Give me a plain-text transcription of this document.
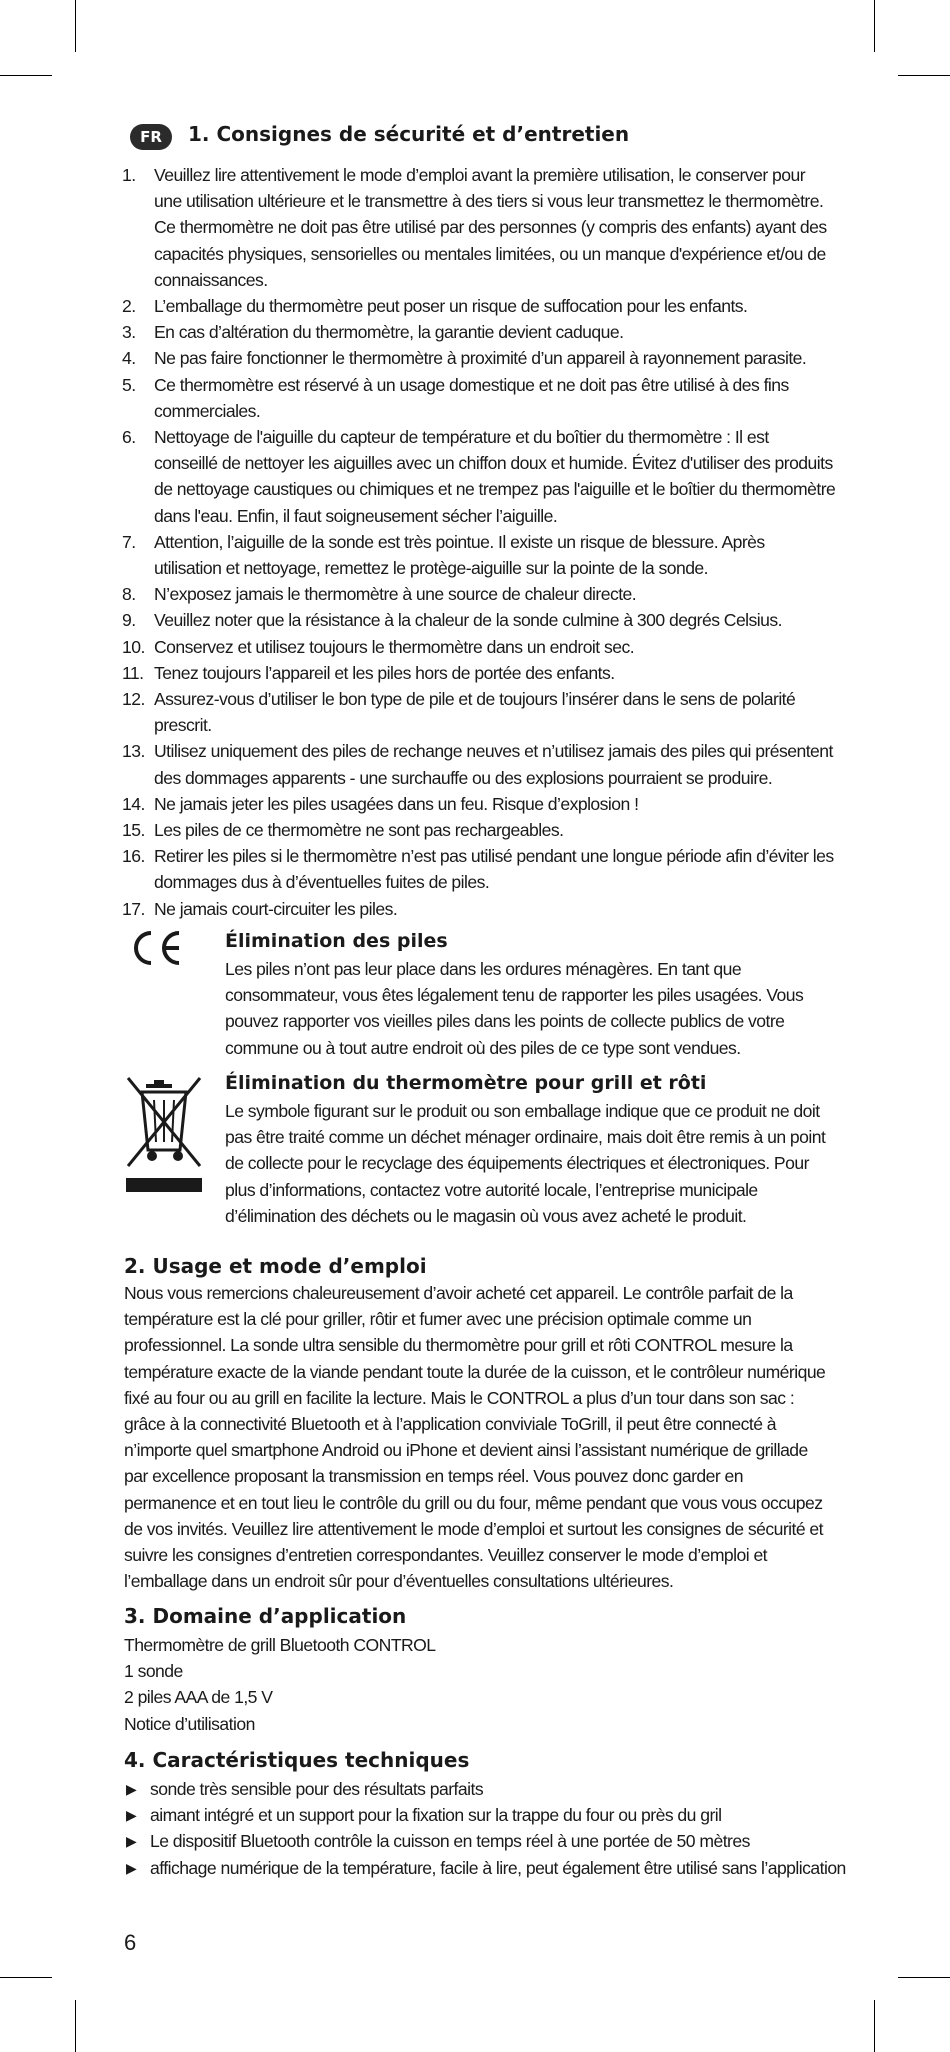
FR	1. Consignes de sécurité et d’entretien
1. Veuillez lire attentivement le mode d’emploi avant la première utilisation, le conserver pour une utilisation ultérieure et le transmettre à des tiers si vous leur transmettez le thermomètre. Ce thermomètre ne doit pas être utilisé par des personnes (y compris des enfants) ayant des capacités physiques, sensorielles ou mentales limitées, ou un manque d'expérience et/ou de connaissances.
2. L’emballage du thermomètre peut poser un risque de suffocation pour les enfants.
3. En cas d’altération du thermomètre, la garantie devient caduque.
4. Ne pas faire fonctionner le thermomètre à proximité d’un appareil à rayonnement parasite.
5. Ce thermomètre est réservé à un usage domestique et ne doit pas être utilisé à des fins commerciales.
6. Nettoyage de l'aiguille du capteur de température et du boîtier du thermomètre : Il est conseillé de nettoyer les aiguilles avec un chiffon doux et humide. Évitez d'utiliser des produits de nettoyage caustiques ou chimiques et ne trempez pas l'aiguille et le boîtier du thermomètre dans l'eau. Enfin, il faut soigneusement sécher l’aiguille.
7. Attention, l’aiguille de la sonde est très pointue. Il existe un risque de blessure. Après utilisation et nettoyage, remettez le protège-aiguille sur la pointe de la sonde.
8. N’exposez jamais le thermomètre à une source de chaleur directe.
9. Veuillez noter que la résistance à la chaleur de la sonde culmine à 300 degrés Celsius.
10. Conservez et utilisez toujours le thermomètre dans un endroit sec.
11. Tenez toujours l’appareil et les piles hors de portée des enfants.
12. Assurez-vous d’utiliser le bon type de pile et de toujours l’insérer dans le sens de polarité prescrit.
13. Utilisez uniquement des piles de rechange neuves et n’utilisez jamais des piles qui présentent des dommages apparents - une surchauffe ou des explosions pourraient se produire.
14. Ne jamais jeter les piles usagées dans un feu. Risque d’explosion !
15. Les piles de ce thermomètre ne sont pas rechargeables.
16. Retirer les piles si le thermomètre n’est pas utilisé pendant une longue période afin d’éviter les dommages dus à d’éventuelles fuites de piles.
17. Ne jamais court-circuiter les piles.
Élimination des piles

Les piles n’ont pas leur place dans les ordures ménagères. En tant que consommateur, vous êtes légalement tenu de rapporter les piles usagées. Vous pouvez rapporter vos vieilles piles dans les points de collecte publics de votre commune ou à tout autre endroit où des piles de ce type sont vendues.

Élimination du thermomètre pour grill et rôti

Le symbole figurant sur le produit ou son emballage indique que ce produit ne doit pas être traité comme un déchet ménager ordinaire, mais doit être remis à un point de collecte pour le recyclage des équipements électriques et électroniques. Pour plus d’informations, contactez votre autorité locale, l’entreprise municipale d’élimination des déchets ou le magasin où vous avez acheté le produit.

2. Usage et mode d’emploi

Nous vous remercions chaleureusement d’avoir acheté cet appareil. Le contrôle parfait de la température est la clé pour griller, rôtir et fumer avec une précision optimale comme un professionnel. La sonde ultra sensible du thermomètre pour grill et rôti CONTROL mesure la température exacte de la viande pendant toute la durée de la cuisson, et le contrôleur numérique fixé au four ou au grill en facilite la lecture. Mais le CONTROL a plus d’un tour dans son sac : grâce à la connectivité Bluetooth et à l’application conviviale ToGrill, il peut être connecté à n’importe quel smartphone Android ou iPhone et devient ainsi l’assistant numérique de grillade par excellence proposant la transmission en temps réel. Vous pouvez donc garder en permanence et en tout lieu le contrôle du grill ou du four, même pendant que vous vous occupez de vos invités. Veuillez lire attentivement le mode d’emploi et surtout les consignes de sécurité et suivre les consignes d’entretien correspondantes. Veuillez conserver le mode d’emploi et l’emballage dans un endroit sûr pour d’éventuelles consultations ultérieures.

3. Domaine d’application
Thermomètre de grill Bluetooth CONTROL
1 sonde
2 piles AAA de 1,5 V
Notice d’utilisation
4. Caractéristiques techniques
▶ sonde très sensible pour des résultats parfaits
▶ aimant intégré et un support pour la fixation sur la trappe du four ou près du gril
▶ Le dispositif Bluetooth contrôle la cuisson en temps réel à une portée de 50 mètres
▶ affichage numérique de la température, facile à lire, peut également être utilisé sans l’application
6
